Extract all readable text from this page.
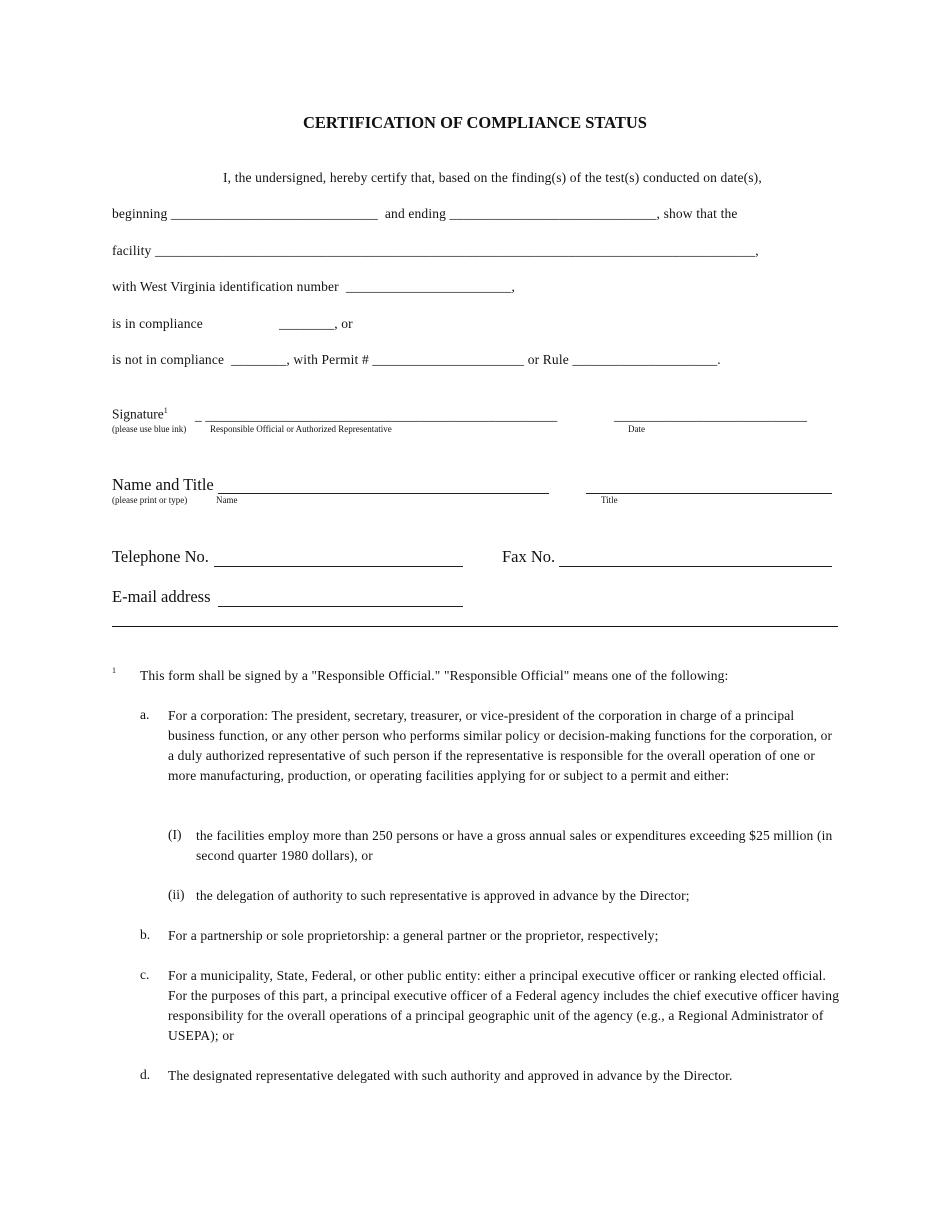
CERTIFICATION OF COMPLIANCE STATUS
I, the undersigned, hereby certify that, based on the finding(s) of the test(s) conducted on date(s),
beginning ______________________________  and ending ______________________________, show that the
facility _______________________________________________________________________________________,
with West Virginia identification number  ________________________,
is in compliance	________, or
is not in compliance  ________, with Permit # ______________________ or Rule _____________________.
Signature$^1$
(please use blue ink)
_ ___________________________________________________
Responsible Official or Authorized Representative
____________________________
Date
Name and Title
(please print or type)	Name	Title
Telephone No.	Fax No.
E-mail address
1 This form shall be signed by a "Responsible Official." "Responsible Official" means one of the following:
a. For a corporation: The president, secretary, treasurer, or vice-president of the corporation in charge of a principal business function, or any other person who performs similar policy or decision-making functions for the corporation, or a duly authorized representative of such person if the representative is responsible for the overall operation of one or more manufacturing, production, or operating facilities applying for or subject to a permit and either:
(I) the facilities employ more than 250 persons or have a gross annual sales or expenditures exceeding $25 million (in second quarter 1980 dollars), or
(ii) the delegation of authority to such representative is approved in advance by the Director;
b. For a partnership or sole proprietorship: a general partner or the proprietor, respectively;
c. For a municipality, State, Federal, or other public entity: either a principal executive officer or ranking elected official. For the purposes of this part, a principal executive officer of a Federal agency includes the chief executive officer having responsibility for the overall operations of a principal geographic unit of the agency (e.g., a Regional Administrator of USEPA); or
d. The designated representative delegated with such authority and approved in advance by the Director.
